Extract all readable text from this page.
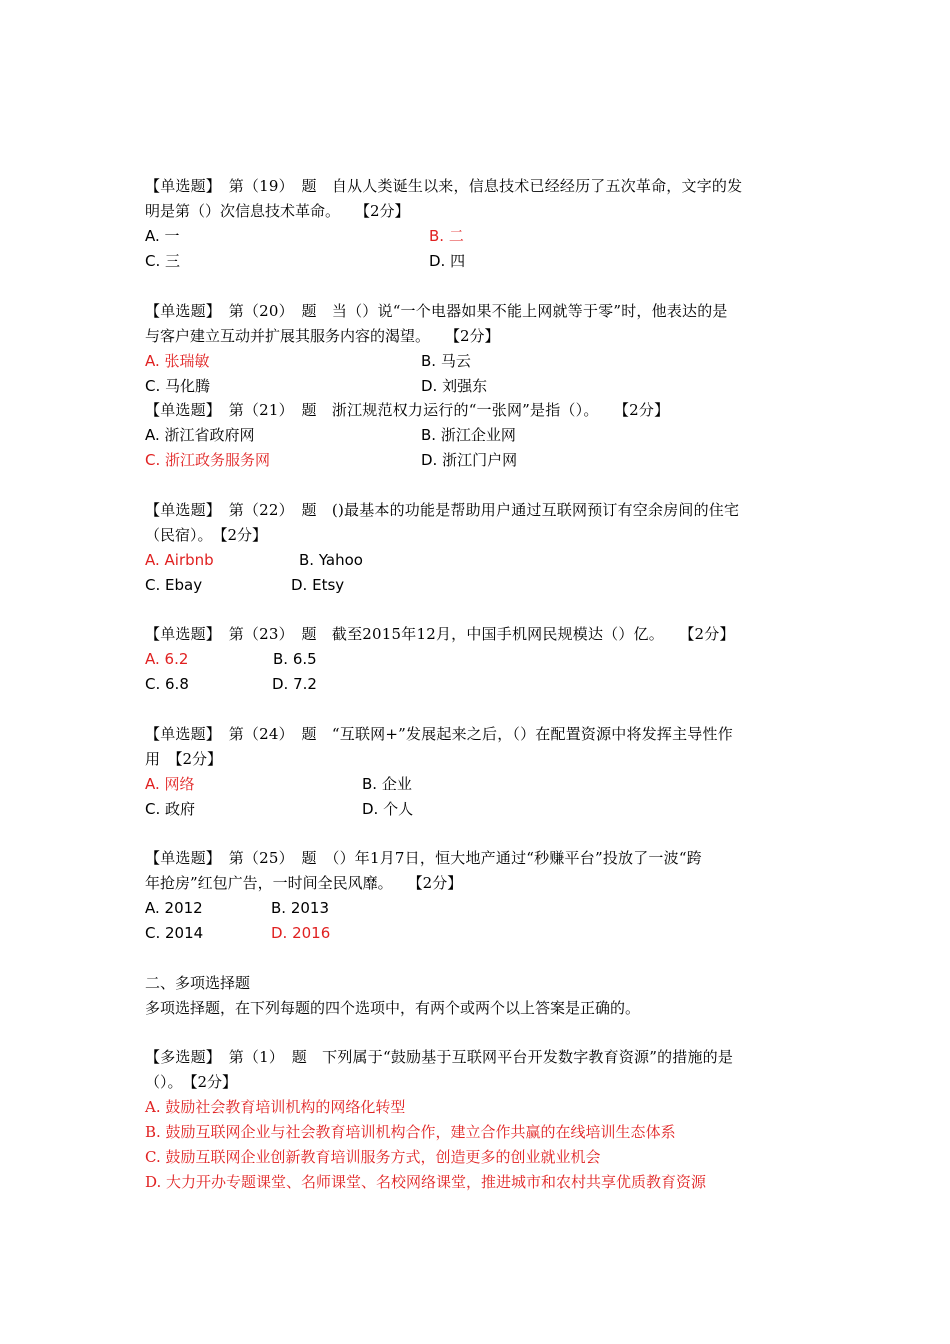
【单选题】　第（19）　题　自从人类诞生以来，信息技术已经经历了五次革命，文字的发
明是第（）次信息技术革命。　　【2分】
A. 一	B. 二
C. 三	D. 四
【单选题】　第（20）　题　当（）说“一个电器如果不能上网就等于零”时，他表达的是
与客户建立互动并扩展其服务内容的渴望。　　【2分】
A. 张瑞敏	B. 马云
C. 马化腾	D. 刘强东
【单选题】　第（21）　题　浙江规范权力运行的“一张网”是指（）。　　【2分】
A. 浙江省政府网	B. 浙江企业网
C. 浙江政务服务网	D. 浙江门户网
【单选题】　第（22）　题　()最基本的功能是帮助用户通过互联网预订有空余房间的住宅
（民宿）。　【2分】
A. Airbnb	B. Yahoo
C. Ebay	D. Etsy
【单选题】　第（23）　题　截至2015年12月，中国手机网民规模达（）亿。　　【2分】
A. 6.2	B. 6.5
C. 6.8	D. 7.2
【单选题】　第（24）　题　“互联网+”发展起来之后，（）在配置资源中将发挥主导性作
用　【2分】
A. 网络	B. 企业
C. 政府	D. 个人
【单选题】　第（25）　题　（）年1月7日，恒大地产通过“秒赚平台”投放了一波“跨
年抢房”红包广告，一时间全民风靡。　　【2分】
A. 2012	B. 2013
C. 2014	D. 2016
二、多项选择题
多项选择题，在下列每题的四个选项中，有两个或两个以上答案是正确的。
【多选题】　第（1）　题　下列属于“鼓励基于互联网平台开发数字教育资源”的措施的是
（）。　【2分】
A. 鼓励社会教育培训机构的网络化转型
B. 鼓励互联网企业与社会教育培训机构合作，建立合作共赢的在线培训生态体系
C. 鼓励互联网企业创新教育培训服务方式，创造更多的创业就业机会
D. 大力开办专题课堂、名师课堂、名校网络课堂，推进城市和农村共享优质教育资源
